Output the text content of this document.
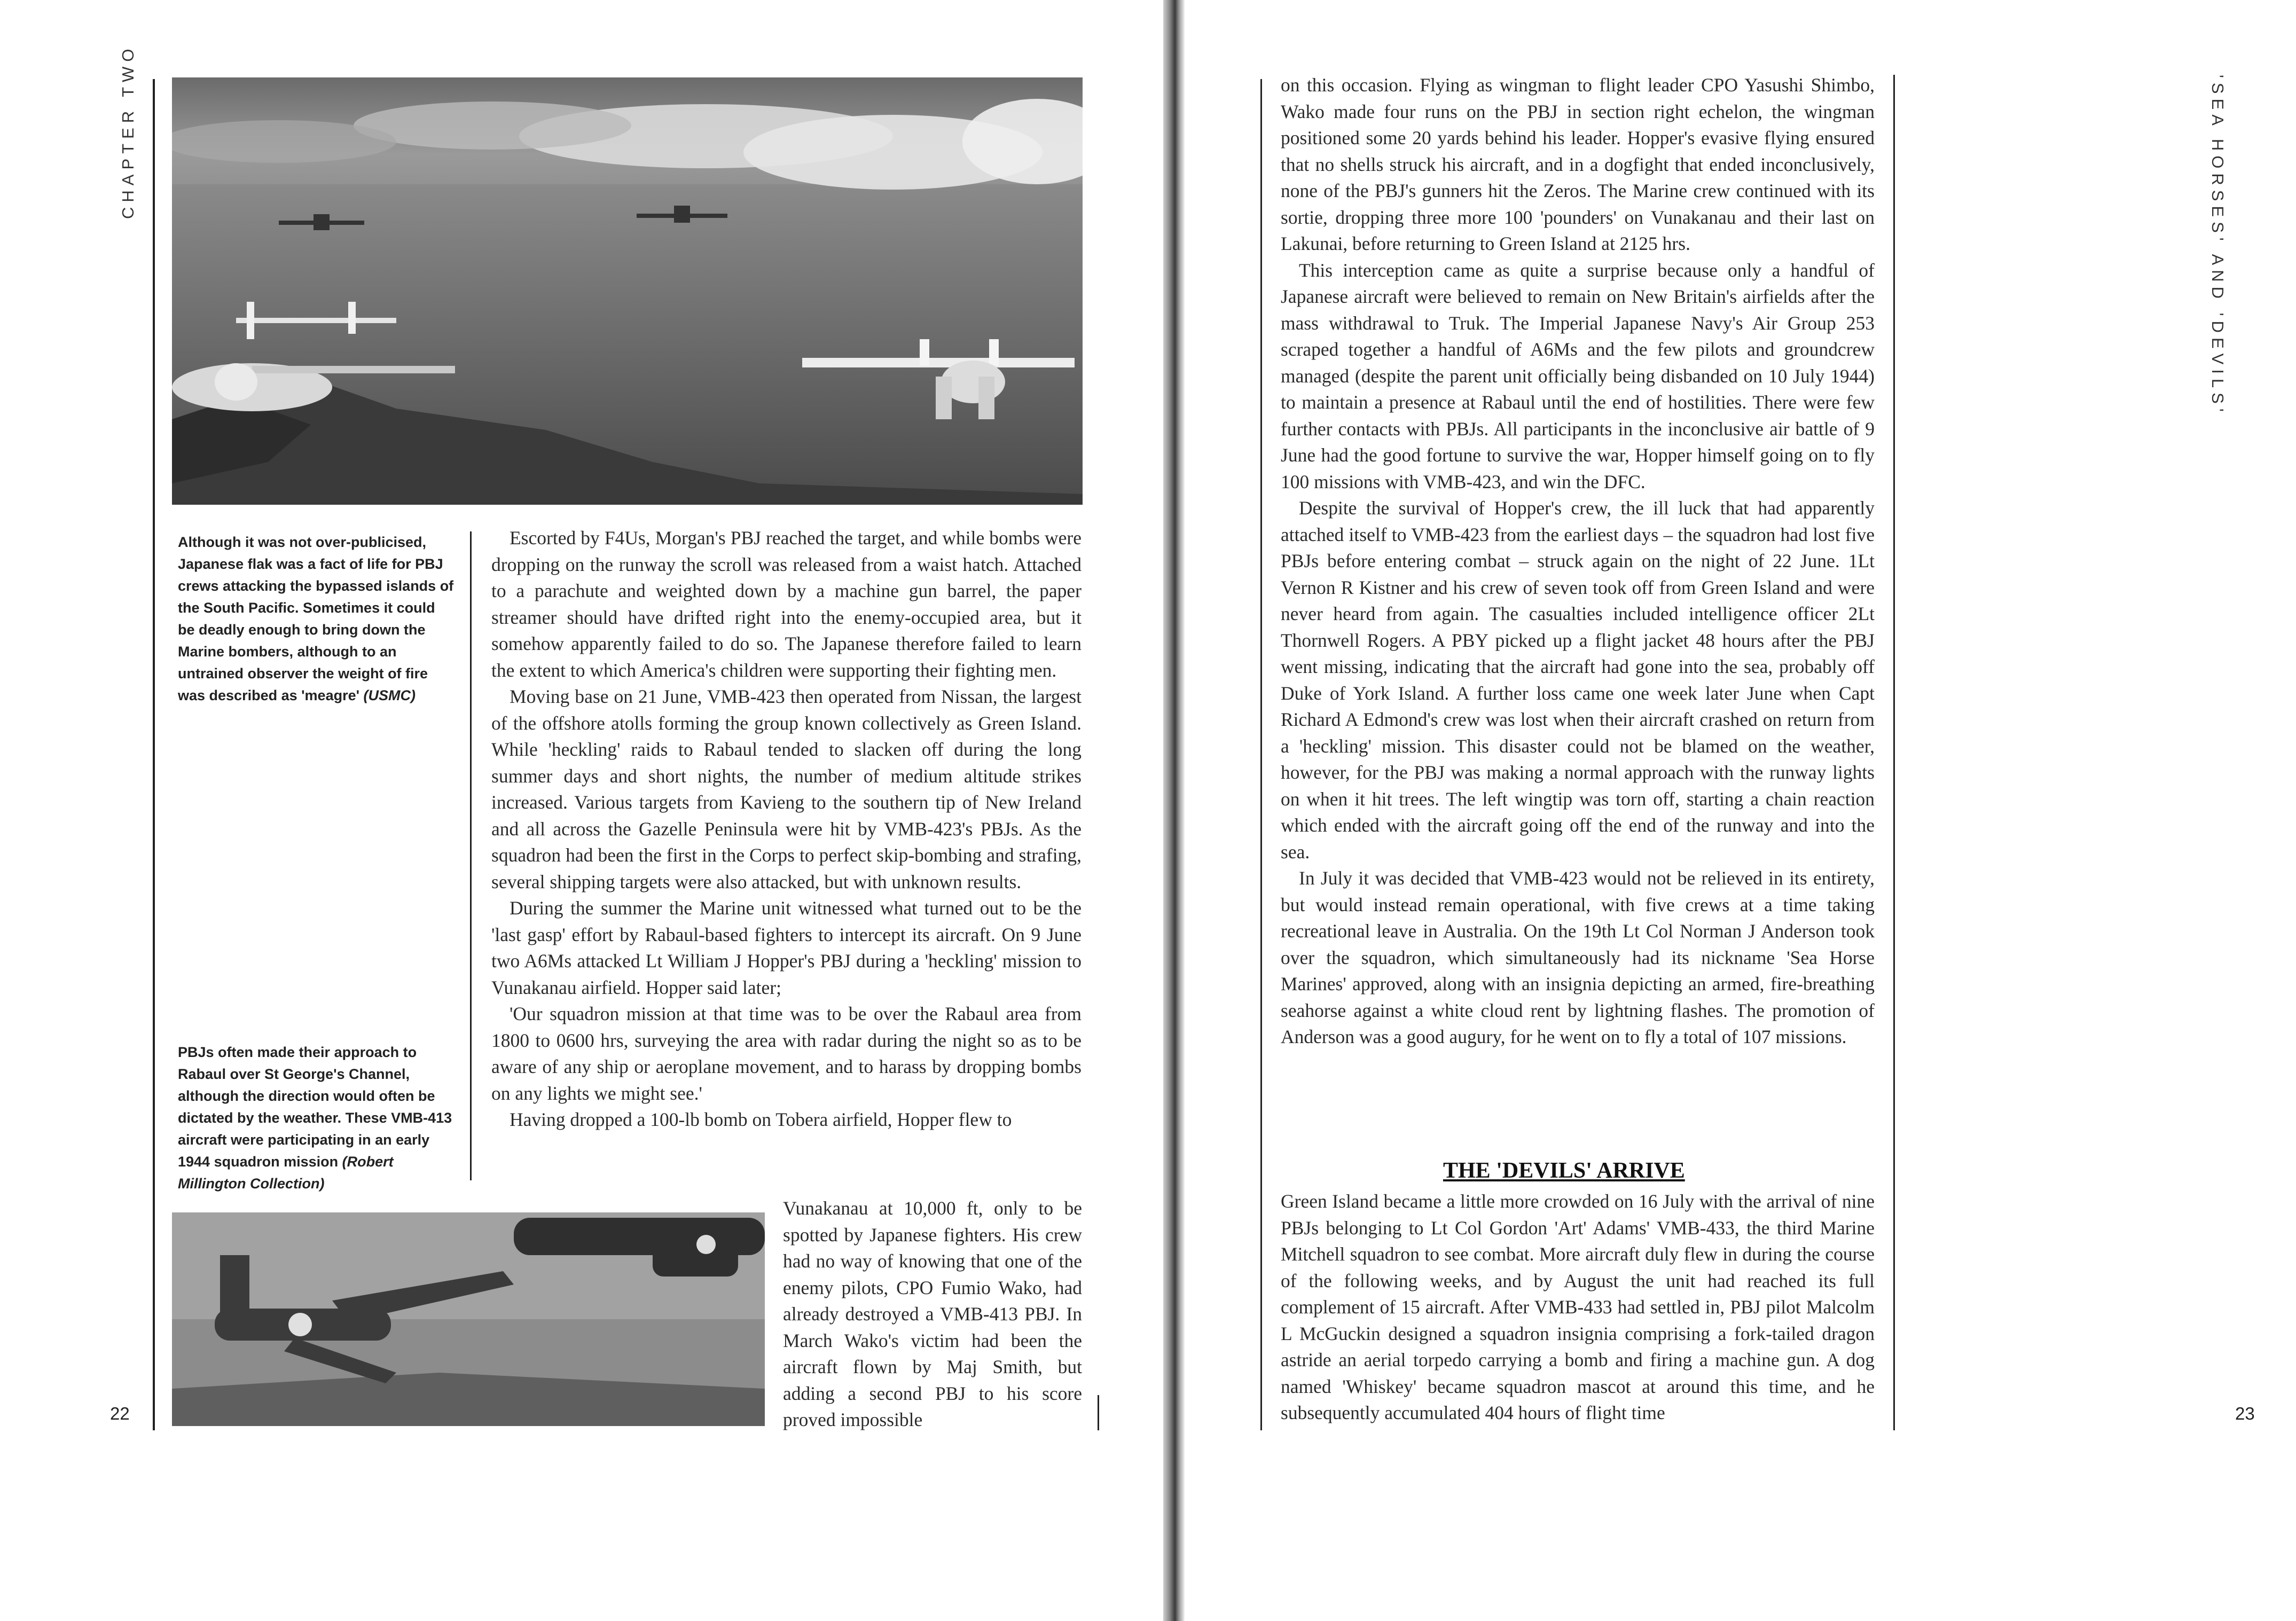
CHAPTER TWO
Although it was not over-publicised, Japanese flak was a fact of life for PBJ crews attacking the bypassed islands of the South Pacific. Sometimes it could be deadly enough to bring down the Marine bombers, although to an untrained observer the weight of fire was described as 'meagre' (USMC)
PBJs often made their approach to Rabaul over St George's Channel, although the direction would often be dictated by the weather. These VMB-413 aircraft were participating in an early 1944 squadron mission (Robert Millington Collection)

Escorted by F4Us, Morgan's PBJ reached the target, and while bombs were dropping on the runway the scroll was released from a waist hatch. Attached to a parachute and weighted down by a machine gun barrel, the paper streamer should have drifted right into the enemy-occupied area, but it somehow apparently failed to do so. The Japanese therefore failed to learn the extent to which America's children were supporting their fighting men.

Moving base on 21 June, VMB-423 then operated from Nissan, the largest of the offshore atolls forming the group known collectively as Green Island. While 'heckling' raids to Rabaul tended to slacken off during the long summer days and short nights, the number of medium altitude strikes increased. Various targets from Kavieng to the southern tip of New Ireland and all across the Gazelle Peninsula were hit by VMB-423's PBJs. As the squadron had been the first in the Corps to perfect skip-bombing and strafing, several shipping targets were also attacked, but with unknown results.

During the summer the Marine unit witnessed what turned out to be the 'last gasp' effort by Rabaul-based fighters to intercept its aircraft. On 9 June two A6Ms attacked Lt William J Hopper's PBJ during a 'heckling' mission to Vunakanau airfield. Hopper said later;

'Our squadron mission at that time was to be over the Rabaul area from 1800 to 0600 hrs, surveying the area with radar during the night so as to be aware of any ship or aeroplane movement, and to harass by dropping bombs on any lights we might see.'

Having dropped a 100-lb bomb on Tobera airfield, Hopper flew to

Vunakanau at 10,000 ft, only to be spotted by Japanese fighters. His crew had no way of knowing that one of the enemy pilots, CPO Fumio Wako, had already destroyed a VMB-413 PBJ. In March Wako's victim had been the aircraft flown by Maj Smith, but adding a second PBJ to his score proved impossible

22

on this occasion. Flying as wingman to flight leader CPO Yasushi Shimbo, Wako made four runs on the PBJ in section right echelon, the wingman positioned some 20 yards behind his leader. Hopper's evasive flying ensured that no shells struck his aircraft, and in a dogfight that ended inconclusively, none of the PBJ's gunners hit the Zeros. The Marine crew continued with its sortie, dropping three more 100 'pounders' on Vunakanau and their last on Lakunai, before returning to Green Island at 2125 hrs.

This interception came as quite a surprise because only a handful of Japanese aircraft were believed to remain on New Britain's airfields after the mass withdrawal to Truk. The Imperial Japanese Navy's Air Group 253 scraped together a handful of A6Ms and the few pilots and groundcrew managed (despite the parent unit officially being disbanded on 10 July 1944) to maintain a presence at Rabaul until the end of hostilities. There were few further contacts with PBJs. All participants in the inconclusive air battle of 9 June had the good fortune to survive the war, Hopper himself going on to fly 100 missions with VMB-423, and win the DFC.

Despite the survival of Hopper's crew, the ill luck that had apparently attached itself to VMB-423 from the earliest days – the squadron had lost five PBJs before entering combat – struck again on the night of 22 June. 1Lt Vernon R Kistner and his crew of seven took off from Green Island and were never heard from again. The casualties included intelligence officer 2Lt Thornwell Rogers. A PBY picked up a flight jacket 48 hours after the PBJ went missing, indicating that the aircraft had gone into the sea, probably off Duke of York Island. A further loss came one week later June when Capt Richard A Edmond's crew was lost when their aircraft crashed on return from a 'heckling' mission. This disaster could not be blamed on the weather, however, for the PBJ was making a normal approach with the runway lights on when it hit trees. The left wingtip was torn off, starting a chain reaction which ended with the aircraft going off the end of the runway and into the sea.

In July it was decided that VMB-423 would not be relieved in its entirety, but would instead remain operational, with five crews at a time taking recreational leave in Australia. On the 19th Lt Col Norman J Anderson took over the squadron, which simultaneously had its nickname 'Sea Horse Marines' approved, along with an insignia depicting an armed, fire-breathing seahorse against a white cloud rent by lightning flashes. The promotion of Anderson was a good augury, for he went on to fly a total of 107 missions.

THE 'DEVILS' ARRIVE

Green Island became a little more crowded on 16 July with the arrival of nine PBJs belonging to Lt Col Gordon 'Art' Adams' VMB-433, the third Marine Mitchell squadron to see combat. More aircraft duly flew in during the course of the following weeks, and by August the unit had reached its full complement of 15 aircraft. After VMB-433 had settled in, PBJ pilot Malcolm L McGuckin designed a squadron insignia comprising a fork-tailed dragon astride an aerial torpedo carrying a bomb and firing a machine gun. A dog named 'Whiskey' became squadron mascot at around this time, and he subsequently accumulated 404 hours of flight time

'SEA HORSES' AND 'DEVILS'
23
